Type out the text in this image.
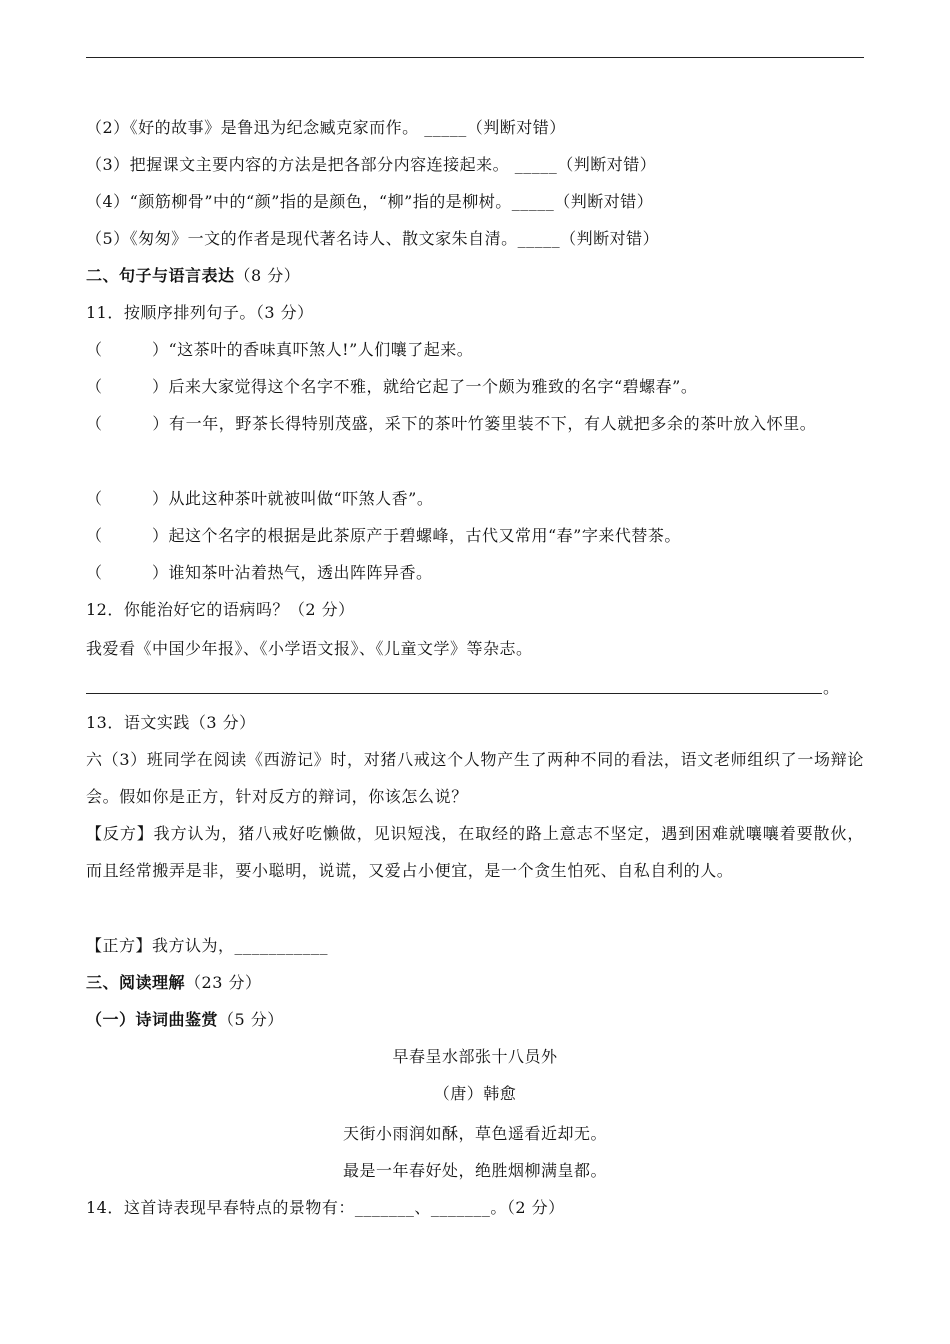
（2）《好的故事》是鲁迅为纪念臧克家而作。 _____（判断对错）
（3）把握课文主要内容的方法是把各部分内容连接起来。 _____（判断对错）
（4）“颜筋柳骨”中的“颜”指的是颜色，“柳”指的是柳树。_____（判断对错）
（5）《匆匆》一文的作者是现代著名诗人、散文家朱自清。_____（判断对错）
二、句子与语言表达（8 分）
11．按顺序排列句子。（3 分）
（　　　）“这茶叶的香味真吓煞人!”人们嚷了起来。
（　　　）后来大家觉得这个名字不雅，就给它起了一个颇为雅致的名字“碧螺春”。
（　　　）有一年，野茶长得特别茂盛，采下的茶叶竹篓里装不下，有人就把多余的茶叶放入怀里。
（　　　）从此这种茶叶就被叫做“吓煞人香”。
（　　　）起这个名字的根据是此茶原产于碧螺峰，古代又常用“春”字来代替茶。
（　　　）谁知茶叶沾着热气，透出阵阵异香。
12．你能治好它的语病吗？（2 分）
我爱看《中国少年报》、《小学语文报》、《儿童文学》等杂志。
。
13．语文实践（3 分）
六（3）班同学在阅读《西游记》时，对猪八戒这个人物产生了两种不同的看法，语文老师组织了一场辩论会。假如你是正方，针对反方的辩词，你该怎么说？
【反方】我方认为，猪八戒好吃懒做，见识短浅，在取经的路上意志不坚定，遇到困难就嚷嚷着要散伙，而且经常搬弄是非，要小聪明，说谎，又爱占小便宜，是一个贪生怕死、自私自利的人。
【正方】我方认为，___________
三、阅读理解（23 分）
（一）诗词曲鉴赏（5 分）
早春呈水部张十八员外
（唐）韩愈
天街小雨润如酥，草色遥看近却无。
最是一年春好处，绝胜烟柳满皇都。
14．这首诗表现早春特点的景物有：_______、_______。（2 分）
